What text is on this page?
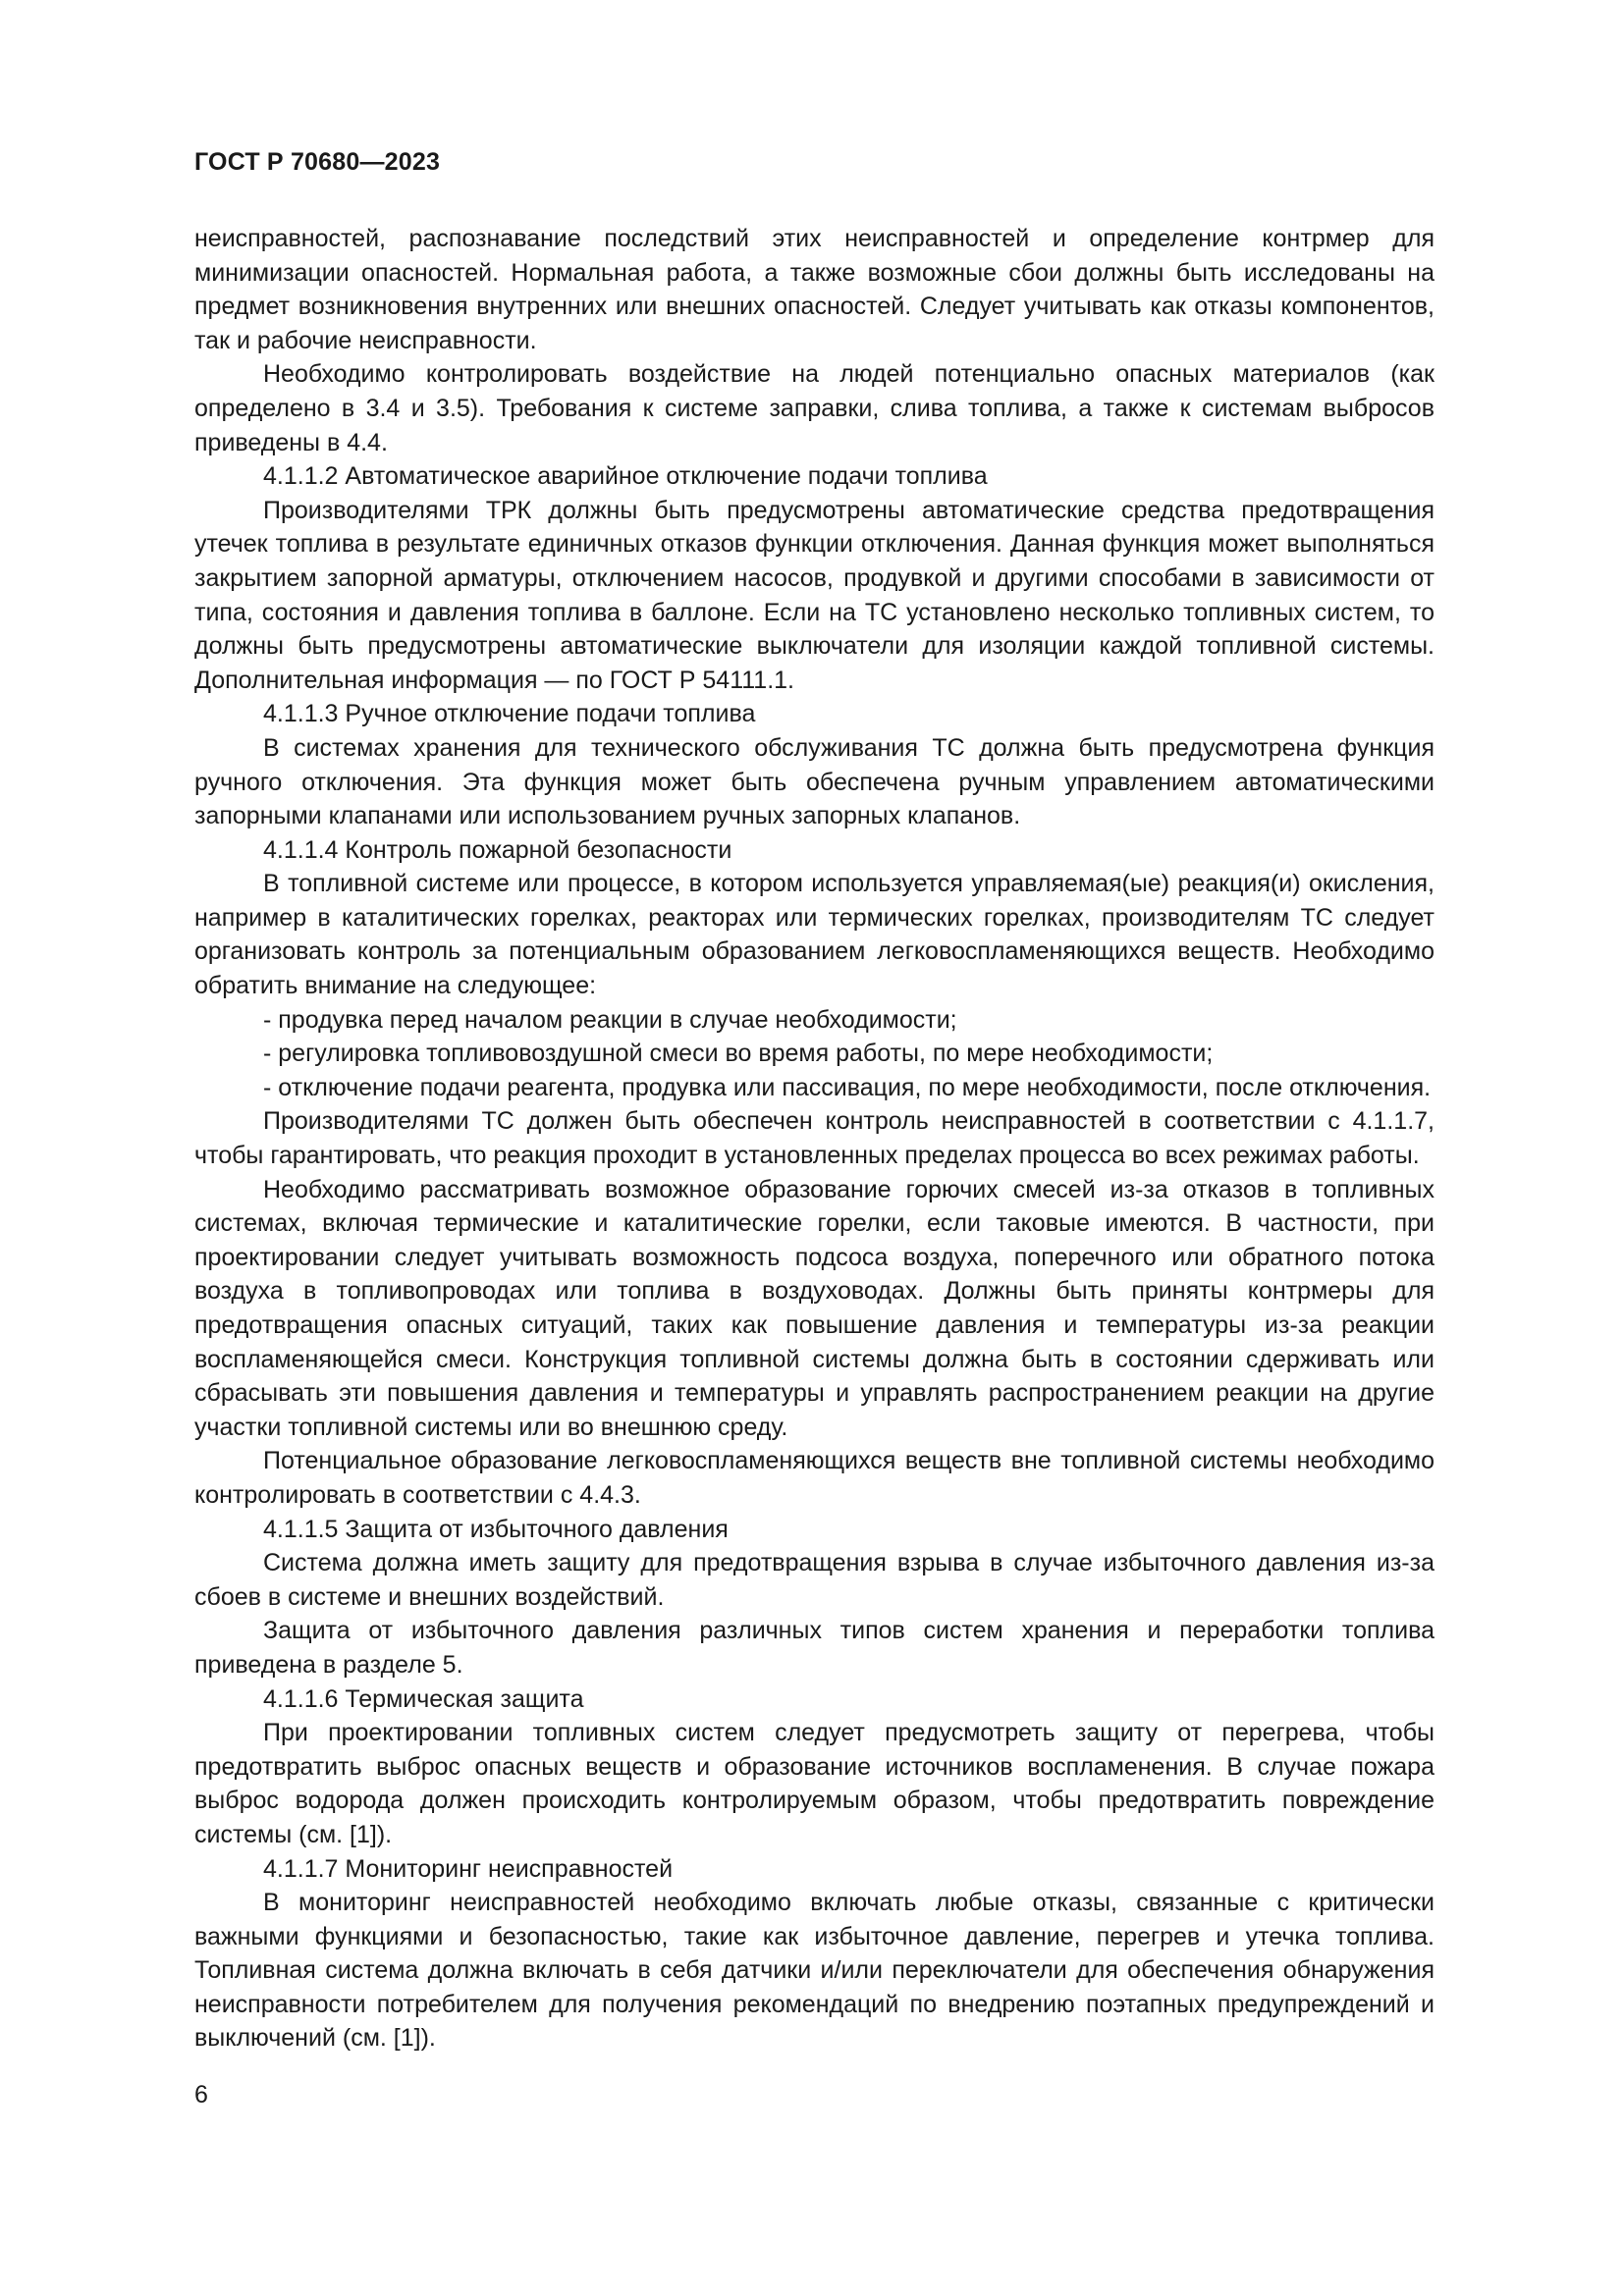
ГОСТ Р 70680—2023

неисправностей, распознавание последствий этих неисправностей и определение контрмер для минимизации опасностей. Нормальная работа, а также возможные сбои должны быть исследованы на предмет возникновения внутренних или внешних опасностей. Следует учитывать как отказы компонентов, так и рабочие неисправности.

Необходимо контролировать воздействие на людей потенциально опасных материалов (как определено в 3.4 и 3.5). Требования к системе заправки, слива топлива, а также к системам выбросов приведены в 4.4.

4.1.1.2 Автоматическое аварийное отключение подачи топлива

Производителями ТРК должны быть предусмотрены автоматические средства предотвращения утечек топлива в результате единичных отказов функции отключения. Данная функция может выполняться закрытием запорной арматуры, отключением насосов, продувкой и другими способами в зависимости от типа, состояния и давления топлива в баллоне. Если на ТС установлено несколько топливных систем, то должны быть предусмотрены автоматические выключатели для изоляции каждой топливной системы. Дополнительная информация — по ГОСТ Р 54111.1.

4.1.1.3 Ручное отключение подачи топлива

В системах хранения для технического обслуживания ТС должна быть предусмотрена функция ручного отключения. Эта функция может быть обеспечена ручным управлением автоматическими запорными клапанами или использованием ручных запорных клапанов.

4.1.1.4 Контроль пожарной безопасности

В топливной системе или процессе, в котором используется управляемая(ые) реакция(и) окисления, например в каталитических горелках, реакторах или термических горелках, производителям ТС следует организовать контроль за потенциальным образованием легковоспламеняющихся веществ. Необходимо обратить внимание на следующее:

- продувка перед началом реакции в случае необходимости;

- регулировка топливовоздушной смеси во время работы, по мере необходимости;

- отключение подачи реагента, продувка или пассивация, по мере необходимости, после отключения.

Производителями ТС должен быть обеспечен контроль неисправностей в соответствии с 4.1.1.7, чтобы гарантировать, что реакция проходит в установленных пределах процесса во всех режимах работы.

Необходимо рассматривать возможное образование горючих смесей из-за отказов в топливных системах, включая термические и каталитические горелки, если таковые имеются. В частности, при проектировании следует учитывать возможность подсоса воздуха, поперечного или обратного потока воздуха в топливопроводах или топлива в воздуховодах. Должны быть приняты контрмеры для предотвращения опасных ситуаций, таких как повышение давления и температуры из-за реакции воспламеняющейся смеси. Конструкция топливной системы должна быть в состоянии сдерживать или сбрасывать эти повышения давления и температуры и управлять распространением реакции на другие участки топливной системы или во внешнюю среду.

Потенциальное образование легковоспламеняющихся веществ вне топливной системы необходимо контролировать в соответствии с 4.4.3.

4.1.1.5 Защита от избыточного давления

Система должна иметь защиту для предотвращения взрыва в случае избыточного давления из-за сбоев в системе и внешних воздействий.

Защита от избыточного давления различных типов систем хранения и переработки топлива приведена в разделе 5.

4.1.1.6 Термическая защита

При проектировании топливных систем следует предусмотреть защиту от перегрева, чтобы предотвратить выброс опасных веществ и образование источников воспламенения. В случае пожара выброс водорода должен происходить контролируемым образом, чтобы предотвратить повреждение системы (см. [1]).

4.1.1.7 Мониторинг неисправностей

В мониторинг неисправностей необходимо включать любые отказы, связанные с критически важными функциями и безопасностью, такие как избыточное давление, перегрев и утечка топлива. Топливная система должна включать в себя датчики и/или переключатели для обеспечения обнаружения неисправности потребителем для получения рекомендаций по внедрению поэтапных предупреждений и выключений (см. [1]).

6
